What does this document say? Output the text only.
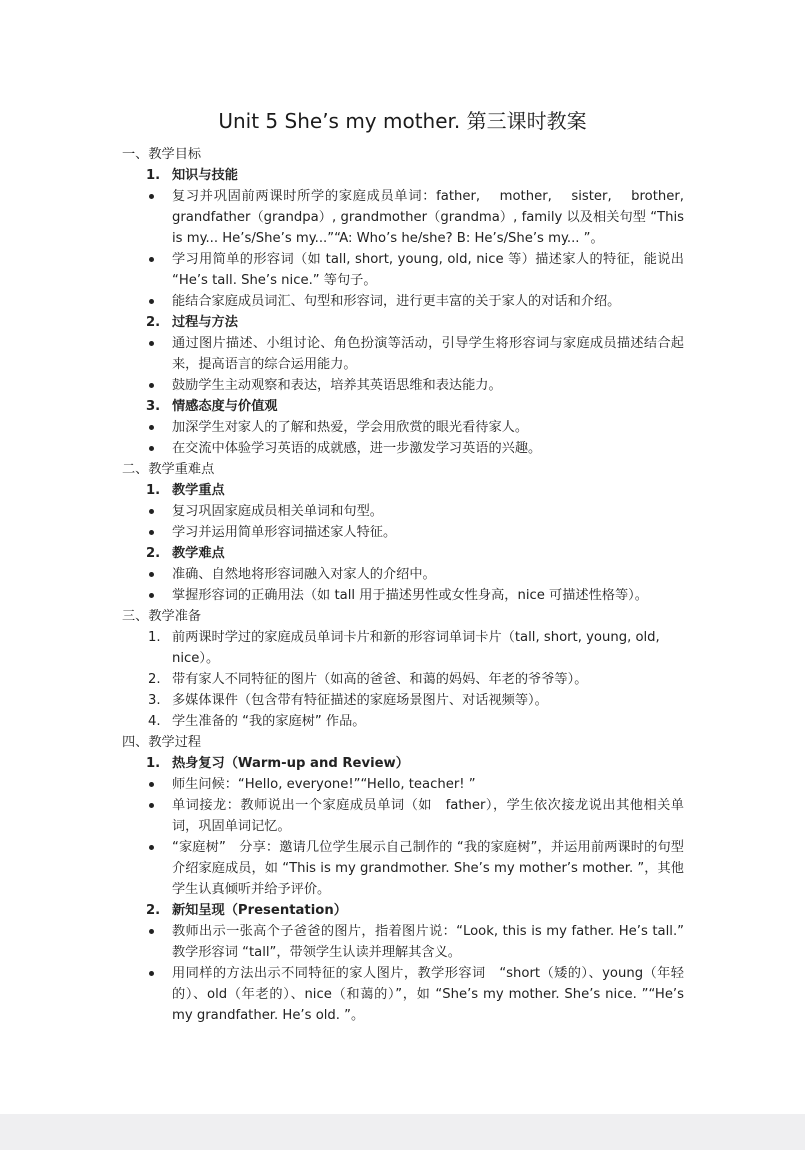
Unit 5 She’s my mother. 第三课时教案
一、教学目标
1. 知识与技能
复习并巩固前两课时所学的家庭成员单词：father,　 mother,　 sister,　 brother, grandfather（grandpa）, grandmother（grandma）, family 以及相关句型 “This is my... He’s/She’s my...”“A: Who’s he/she? B: He’s/She’s my... ”。
学习用简单的形容词（如 tall, short, young, old, nice 等）描述家人的特征，能说出 “He’s tall. She’s nice.” 等句子。
能结合家庭成员词汇、句型和形容词，进行更丰富的关于家人的对话和介绍。
2. 过程与方法
通过图片描述、小组讨论、角色扮演等活动，引导学生将形容词与家庭成员描述结合起来，提高语言的综合运用能力。
鼓励学生主动观察和表达，培养其英语思维和表达能力。
3. 情感态度与价值观
加深学生对家人的了解和热爱，学会用欣赏的眼光看待家人。
在交流中体验学习英语的成就感，进一步激发学习英语的兴趣。
二、教学重难点
1. 教学重点
复习巩固家庭成员相关单词和句型。
学习并运用简单形容词描述家人特征。
2. 教学难点
准确、自然地将形容词融入对家人的介绍中。
掌握形容词的正确用法（如 tall 用于描述男性或女性身高，nice 可描述性格等）。
三、教学准备
1. 前两课时学过的家庭成员单词卡片和新的形容词单词卡片（tall, short, young, old, nice）。
2. 带有家人不同特征的图片（如高的爸爸、和蔼的妈妈、年老的爷爷等）。
3. 多媒体课件（包含带有特征描述的家庭场景图片、对话视频等）。
4. 学生准备的 “我的家庭树” 作品。
四、教学过程
1. 热身复习（Warm-up and Review）
师生问候：“Hello, everyone!”“Hello, teacher! ”
单词接龙：教师说出一个家庭成员单词（如　father），学生依次接龙说出其他相关单词，巩固单词记忆。
“家庭树”　分享：邀请几位学生展示自己制作的 “我的家庭树”，并运用前两课时的句型介绍家庭成员，如 “This is my grandmother. She’s my mother’s mother. ”，其他学生认真倾听并给予评价。
2. 新知呈现（Presentation）
教师出示一张高个子爸爸的图片，指着图片说：“Look, this is my father. He’s tall.” 教学形容词 “tall”，带领学生认读并理解其含义。
用同样的方法出示不同特征的家人图片，教学形容词　“short（矮的）、young（年轻的）、old（年老的）、nice（和蔼的）”，如 “She’s my mother. She’s nice. ”“He’s my grandfather. He’s old. ”。
